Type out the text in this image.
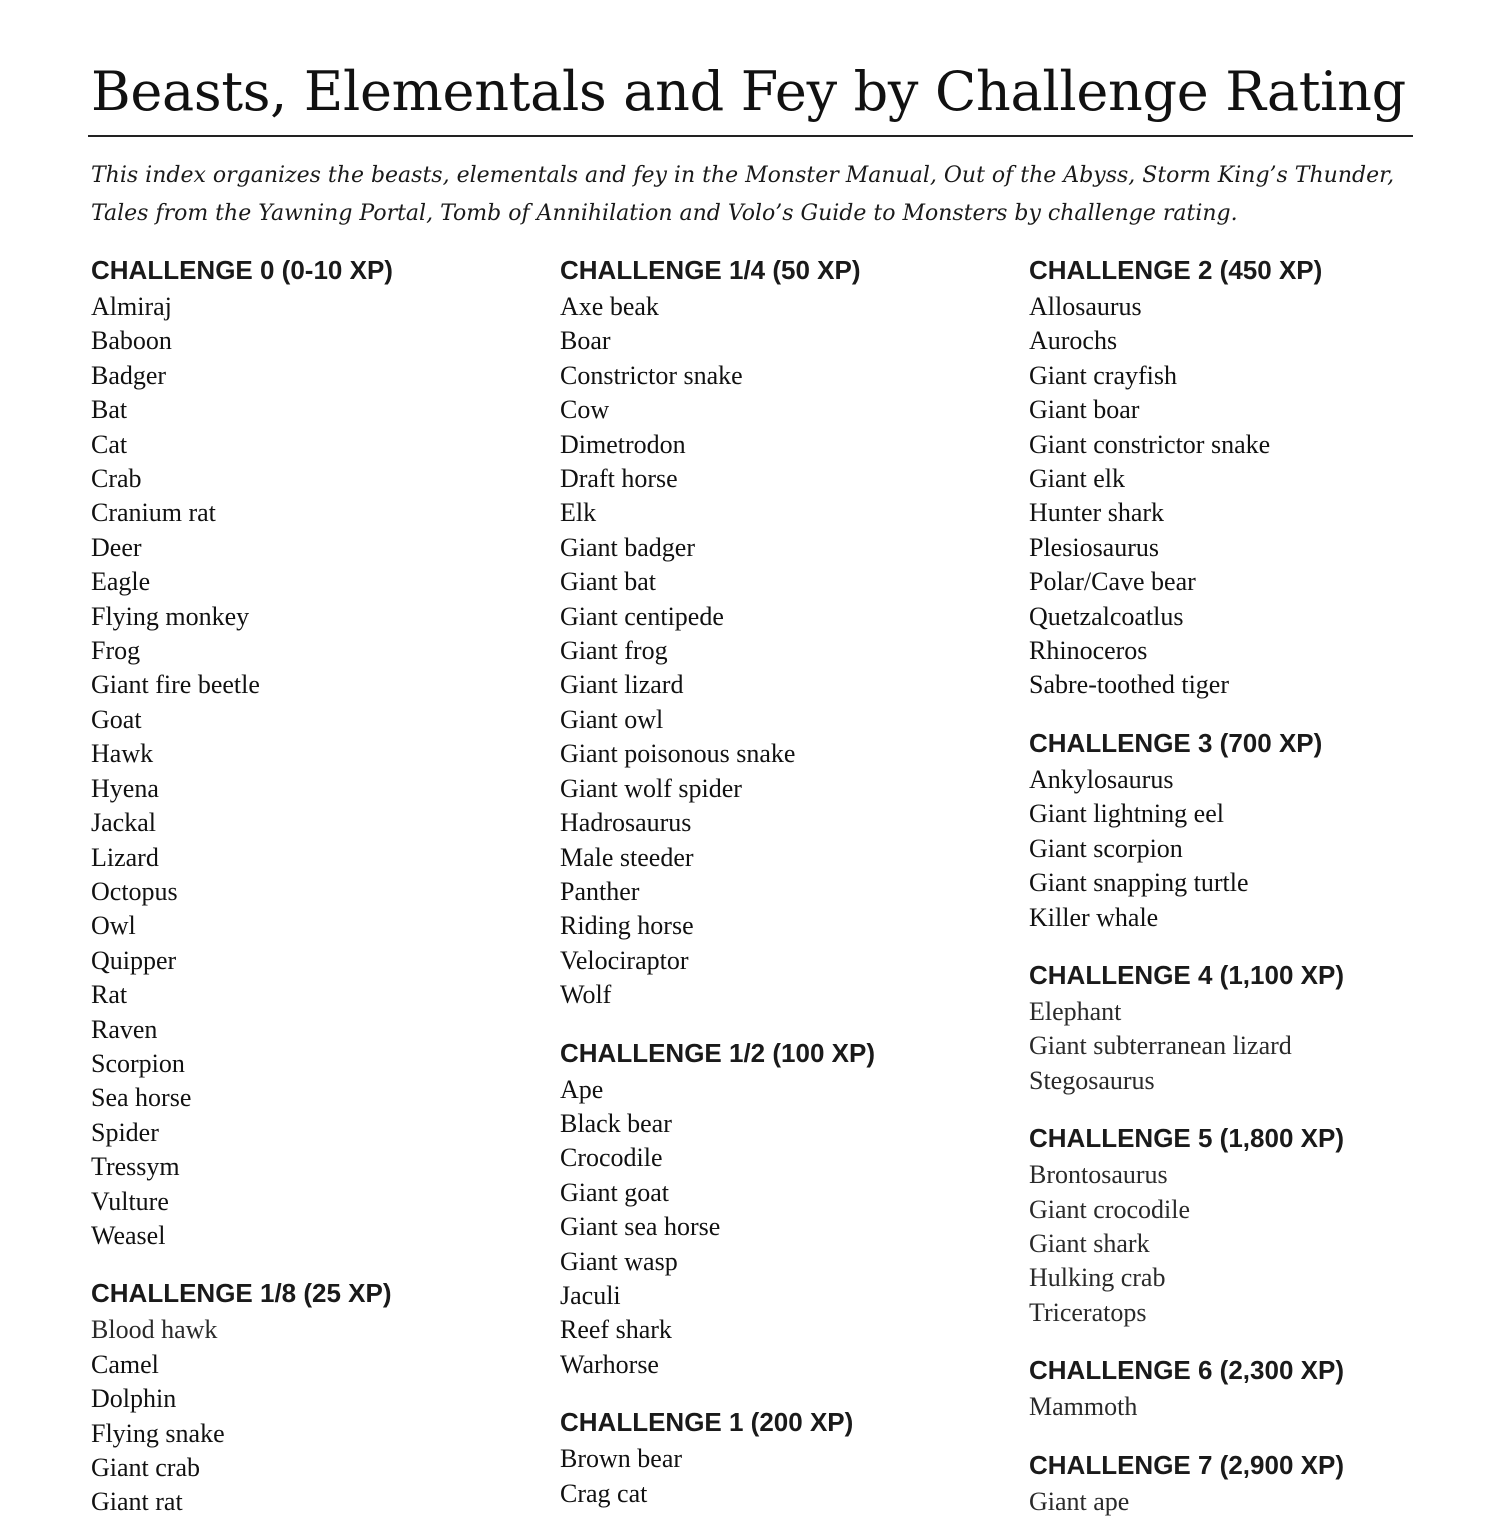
Beasts, Elementals and Fey by Challenge Rating

This index organizes the beasts, elementals and fey in the Monster Manual, Out of the Abyss, Storm King’s Thunder, Tales from the Yawning Portal, Tomb of Annihilation and Volo’s Guide to Monsters by challenge rating.

CHALLENGE 0 (0-10 XP)
Almiraj
Baboon
Badger
Bat
Cat
Crab
Cranium rat
Deer
Eagle
Flying monkey
Frog
Giant fire beetle
Goat
Hawk
Hyena
Jackal
Lizard
Octopus
Owl
Quipper
Rat
Raven
Scorpion
Sea horse
Spider
Tressym
Vulture
Weasel
CHALLENGE 1/8 (25 XP)
Blood hawk
Camel
Dolphin
Flying snake
Giant crab
Giant rat
CHALLENGE 1/4 (50 XP)
Axe beak
Boar
Constrictor snake
Cow
Dimetrodon
Draft horse
Elk
Giant badger
Giant bat
Giant centipede
Giant frog
Giant lizard
Giant owl
Giant poisonous snake
Giant wolf spider
Hadrosaurus
Male steeder
Panther
Riding horse
Velociraptor
Wolf
CHALLENGE 1/2 (100 XP)
Ape
Black bear
Crocodile
Giant goat
Giant sea horse
Giant wasp
Jaculi
Reef shark
Warhorse
CHALLENGE 1 (200 XP)
Brown bear
Crag cat
CHALLENGE 2 (450 XP)
Allosaurus
Aurochs
Giant crayfish
Giant boar
Giant constrictor snake
Giant elk
Hunter shark
Plesiosaurus
Polar/Cave bear
Quetzalcoatlus
Rhinoceros
Sabre-toothed tiger
CHALLENGE 3 (700 XP)
Ankylosaurus
Giant lightning eel
Giant scorpion
Giant snapping turtle
Killer whale
CHALLENGE 4 (1,100 XP)
Elephant
Giant subterranean lizard
Stegosaurus
CHALLENGE 5 (1,800 XP)
Brontosaurus
Giant crocodile
Giant shark
Hulking crab
Triceratops
CHALLENGE 6 (2,300 XP)
Mammoth
CHALLENGE 7 (2,900 XP)
Giant ape
